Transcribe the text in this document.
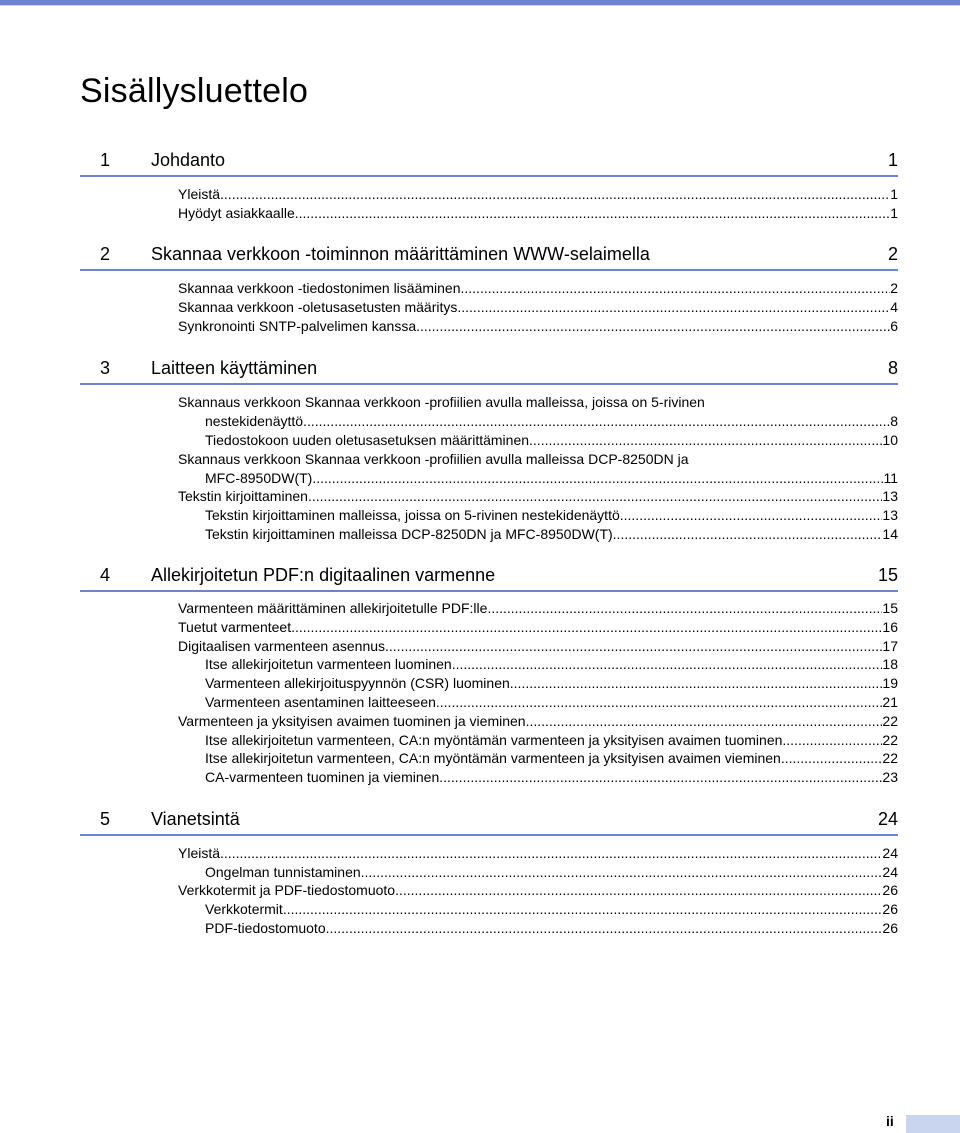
Sisällysluettelo
1 Johdanto	1
Yleistä .....	1
Hyödyt asiakkaalle .....	1
2 Skannaa verkkoon -toiminnon määrittäminen WWW-selaimella	2
Skannaa verkkoon -tiedostonimen lisääminen .....	2
Skannaa verkkoon -oletusasetusten määritys .....	4
Synkronointi SNTP-palvelimen kanssa .....	6
3 Laitteen käyttäminen	8
Skannaus verkkoon Skannaa verkkoon -profiilien avulla malleissa, joissa on 5-rivinen
nestekidenäyttö .....	8
Tiedostokoon uuden oletusasetuksen määrittäminen .....	10
Skannaus verkkoon Skannaa verkkoon -profiilien avulla malleissa DCP-8250DN ja
MFC-8950DW(T) .....	11
Tekstin kirjoittaminen .....	13
Tekstin kirjoittaminen malleissa, joissa on 5-rivinen nestekidenäyttö .....	13
Tekstin kirjoittaminen malleissa DCP-8250DN ja MFC-8950DW(T) .....	14
4 Allekirjoitetun PDF:n digitaalinen varmenne	15
Varmenteen määrittäminen allekirjoitetulle PDF:lle .....	15
Tuetut varmenteet .....	16
Digitaalisen varmenteen asennus .....	17
Itse allekirjoitetun varmenteen luominen .....	18
Varmenteen allekirjoituspyynnön (CSR) luominen .....	19
Varmenteen asentaminen laitteeseen .....	21
Varmenteen ja yksityisen avaimen tuominen ja vieminen .....	22
Itse allekirjoitetun varmenteen, CA:n myöntämän varmenteen ja yksityisen avaimen tuominen .....	22
Itse allekirjoitetun varmenteen, CA:n myöntämän varmenteen ja yksityisen avaimen vieminen .....	22
CA-varmenteen tuominen ja vieminen .....	23
5 Vianetsintä	24
Yleistä .....	24
Ongelman tunnistaminen .....	24
Verkkotermit ja PDF-tiedostomuoto .....	26
Verkkotermit .....	26
PDF-tiedostomuoto .....	26
ii
